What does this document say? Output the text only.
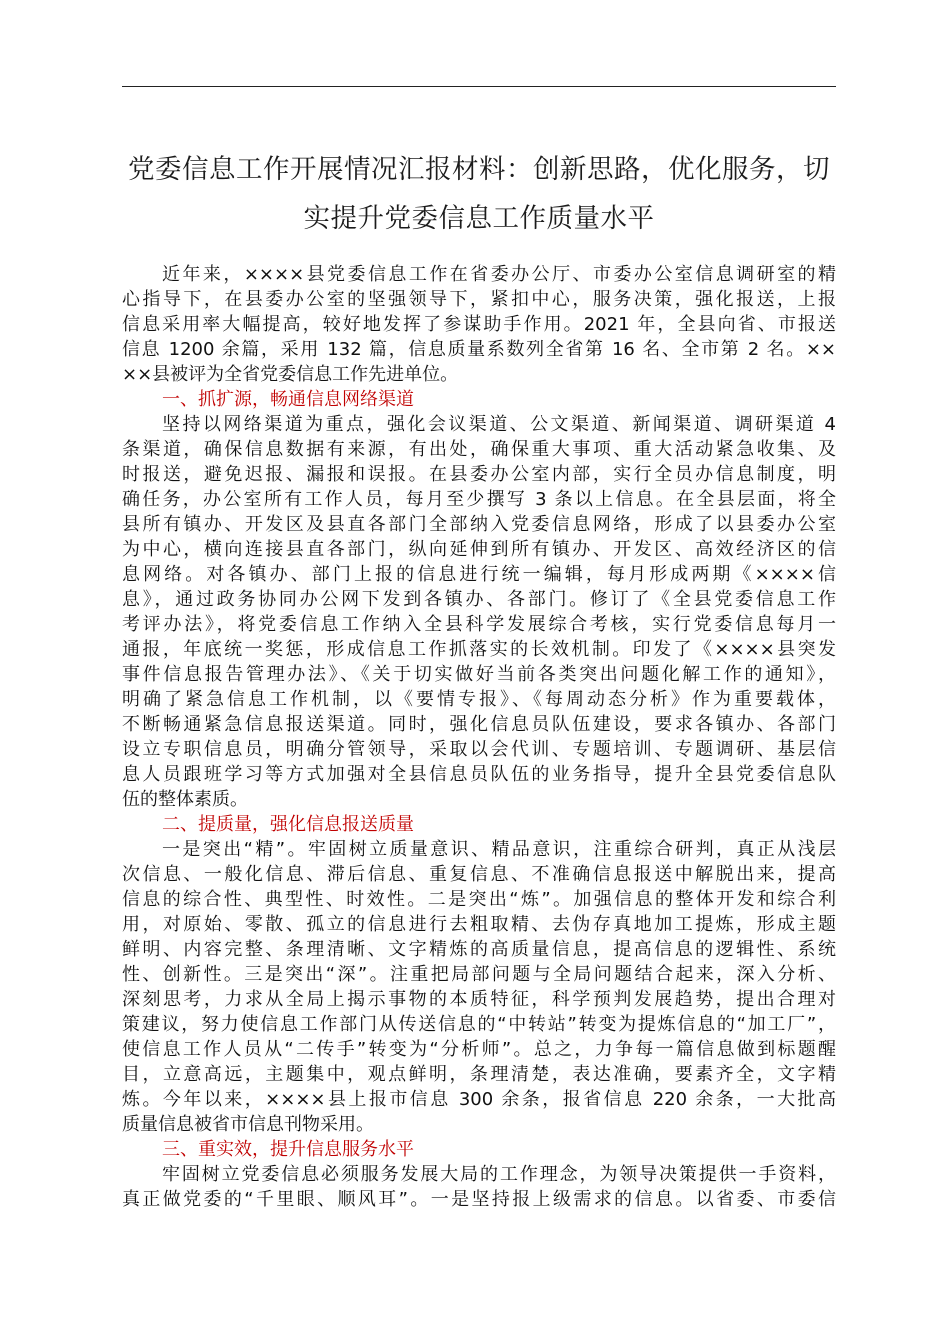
党委信息工作开展情况汇报材料：创新思路，优化服务，切
实提升党委信息工作质量水平
近年来，××××县党委信息工作在省委办公厅、市委办公室信息调研室的精
心指导下，在县委办公室的坚强领导下，紧扣中心，服务决策，强化报送，上报
信息采用率大幅提高，较好地发挥了参谋助手作用。2021 年，全县向省、市报送
信息 1200 余篇，采用 132 篇，信息质量系数列全省第 16 名、全市第 2 名。××
××县被评为全省党委信息工作先进单位。
一、抓扩源，畅通信息网络渠道
坚持以网络渠道为重点，强化会议渠道、公文渠道、新闻渠道、调研渠道 4
条渠道，确保信息数据有来源，有出处，确保重大事项、重大活动紧急收集、及
时报送，避免迟报、漏报和误报。在县委办公室内部，实行全员办信息制度，明
确任务，办公室所有工作人员，每月至少撰写 3 条以上信息。在全县层面，将全
县所有镇办、开发区及县直各部门全部纳入党委信息网络，形成了以县委办公室
为中心，横向连接县直各部门，纵向延伸到所有镇办、开发区、高效经济区的信
息网络。对各镇办、部门上报的信息进行统一编辑，每月形成两期《××××信
息》，通过政务协同办公网下发到各镇办、各部门。修订了《全县党委信息工作
考评办法》，将党委信息工作纳入全县科学发展综合考核，实行党委信息每月一
通报，年底统一奖惩，形成信息工作抓落实的长效机制。印发了《××××县突发
事件信息报告管理办法》、《关于切实做好当前各类突出问题化解工作的通知》，
明确了紧急信息工作机制，以《要情专报》、《每周动态分析》作为重要载体，
不断畅通紧急信息报送渠道。同时，强化信息员队伍建设，要求各镇办、各部门
设立专职信息员，明确分管领导，采取以会代训、专题培训、专题调研、基层信
息人员跟班学习等方式加强对全县信息员队伍的业务指导，提升全县党委信息队
伍的整体素质。
二、提质量，强化信息报送质量
一是突出“精”。牢固树立质量意识、精品意识，注重综合研判，真正从浅层
次信息、一般化信息、滞后信息、重复信息、不准确信息报送中解脱出来，提高
信息的综合性、典型性、时效性。二是突出“炼”。加强信息的整体开发和综合利
用，对原始、零散、孤立的信息进行去粗取精、去伪存真地加工提炼，形成主题
鲜明、内容完整、条理清晰、文字精炼的高质量信息，提高信息的逻辑性、系统
性、创新性。三是突出“深”。注重把局部问题与全局问题结合起来，深入分析、
深刻思考，力求从全局上揭示事物的本质特征，科学预判发展趋势，提出合理对
策建议，努力使信息工作部门从传送信息的“中转站”转变为提炼信息的“加工厂”，
使信息工作人员从“二传手”转变为“分析师”。总之，力争每一篇信息做到标题醒
目，立意高远，主题集中，观点鲜明，条理清楚，表达准确，要素齐全，文字精
炼。今年以来，××××县上报市信息 300 余条，报省信息 220 余条，一大批高
质量信息被省市信息刊物采用。
三、重实效，提升信息服务水平
牢固树立党委信息必须服务发展大局的工作理念，为领导决策提供一手资料，
真正做党委的“千里眼、顺风耳”。一是坚持报上级需求的信息。以省委、市委信
